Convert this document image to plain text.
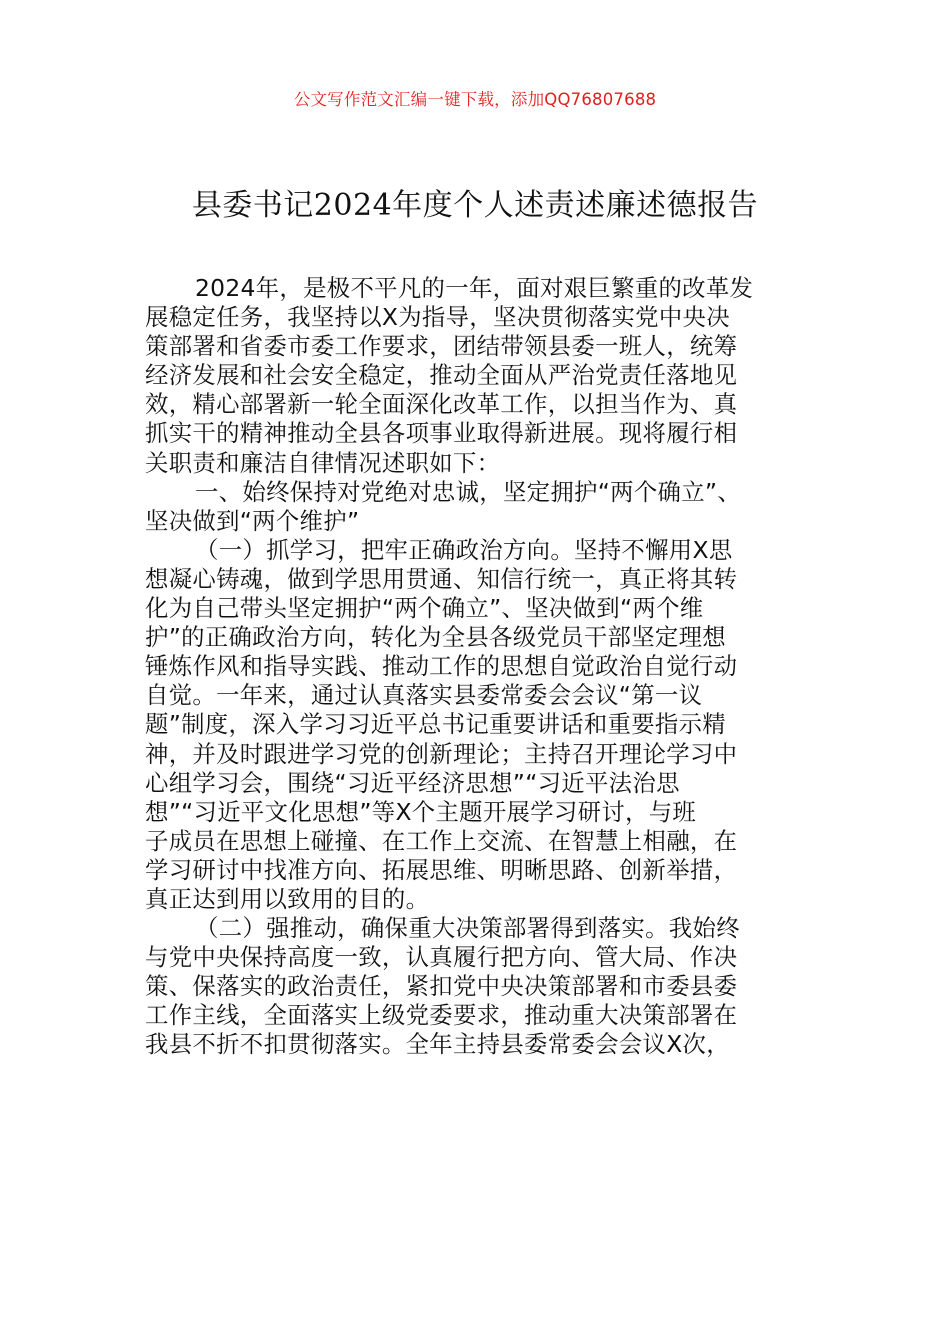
公文写作范文汇编一键下载，添加QQ76807688
县委书记2024年度个人述责述廉述德报告
2024年，是极不平凡的一年，面对艰巨繁重的改革发
展稳定任务，我坚持以X为指导，坚决贯彻落实党中央决
策部署和省委市委工作要求，团结带领县委一班人，统筹
经济发展和社会安全稳定，推动全面从严治党责任落地见
效，精心部署新一轮全面深化改革工作，以担当作为、真
抓实干的精神推动全县各项事业取得新进展。现将履行相
关职责和廉洁自律情况述职如下：
一、始终保持对党绝对忠诚，坚定拥护“两个确立”、
坚决做到“两个维护”
（一）抓学习，把牢正确政治方向。坚持不懈用X思
想凝心铸魂，做到学思用贯通、知信行统一，真正将其转
化为自己带头坚定拥护“两个确立”、坚决做到“两个维
护”的正确政治方向，转化为全县各级党员干部坚定理想
锤炼作风和指导实践、推动工作的思想自觉政治自觉行动
自觉。一年来，通过认真落实县委常委会会议“第一议
题”制度，深入学习习近平总书记重要讲话和重要指示精
神，并及时跟进学习党的创新理论；主持召开理论学习中
心组学习会，围绕“习近平经济思想”“习近平法治思
想”“习近平文化思想”等X个主题开展学习研讨，与班
子成员在思想上碰撞、在工作上交流、在智慧上相融，在
学习研讨中找准方向、拓展思维、明晰思路、创新举措，
真正达到用以致用的目的。
（二）强推动，确保重大决策部署得到落实。我始终
与党中央保持高度一致，认真履行把方向、管大局、作决
策、保落实的政治责任，紧扣党中央决策部署和市委县委
工作主线，全面落实上级党委要求，推动重大决策部署在
我县不折不扣贯彻落实。全年主持县委常委会会议X次，
